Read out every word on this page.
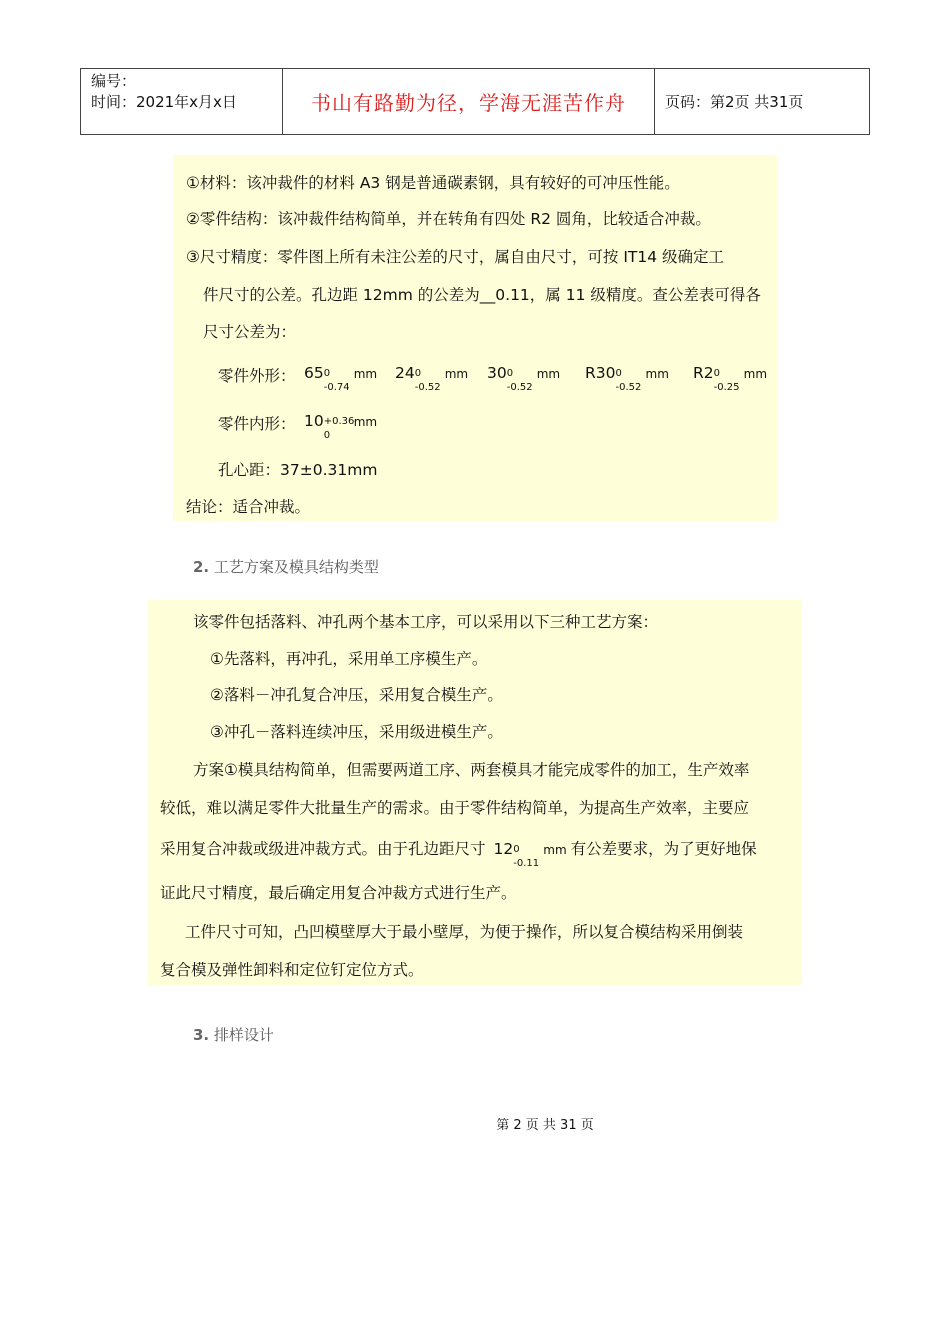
编号：
时间：2021年x月x日	书山有路勤为径，学海无涯苦作舟	页码：第2页 共31页
①材料：该冲裁件的材料 A3 钢是普通碳素钢，具有较好的可冲压性能。
②零件结构：该冲裁件结构简单，并在转角有四处 R2 圆角，比较适合冲裁。
③尺寸精度：零件图上所有未注公差的尺寸，属自由尺寸，可按 IT14 级确定工
件尺寸的公差。孔边距 12mm 的公差为__0.11，属 11 级精度。查公差表可得各
尺寸公差为：
零件外形： 65 0
-0.74
mm 24 0
-0.52
mm 30 0
-0.52
mm R30 0
-0.52
mm R2 0
-0.25
mm
零件内形： 10 +0.36
0
mm
孔心距：37±0.31mm
结论：适合冲裁。
2. 工艺方案及模具结构类型
该零件包括落料、冲孔两个基本工序，可以采用以下三种工艺方案：
①先落料，再冲孔，采用单工序模生产。
②落料－冲孔复合冲压，采用复合模生产。
③冲孔－落料连续冲压，采用级进模生产。
方案①模具结构简单，但需要两道工序、两套模具才能完成零件的加工，生产效率
较低，难以满足零件大批量生产的需求。由于零件结构简单，为提高生产效率，主要应
采用复合冲裁或级进冲裁方式。由于孔边距尺寸 12 0
-0.11
mm 有公差要求，为了更好地保
证此尺寸精度，最后确定用复合冲裁方式进行生产。
工件尺寸可知，凸凹模壁厚大于最小壁厚，为便于操作，所以复合模结构采用倒装
复合模及弹性卸料和定位钉定位方式。
3. 排样设计
第 2 页 共 31 页
